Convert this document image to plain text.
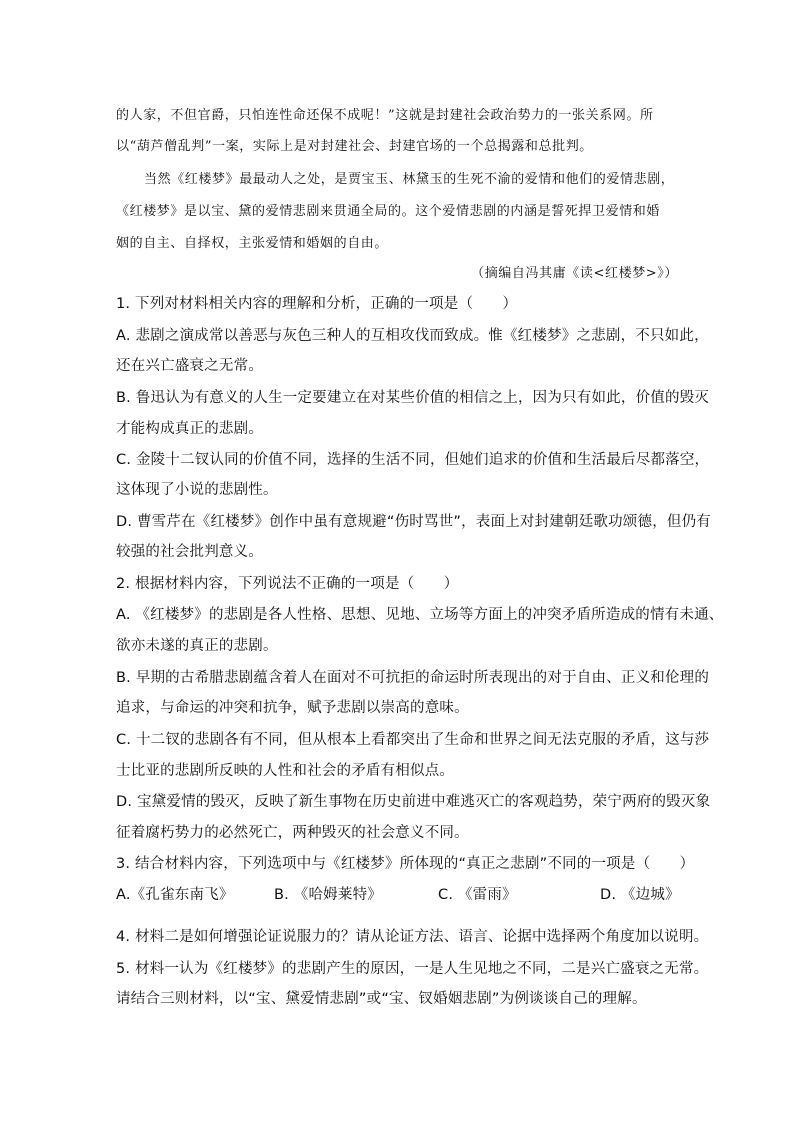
的人家，不但官爵，只怕连性命还保不成呢！”这就是封建社会政治势力的一张关系网。所
以“葫芦僧乱判”一案，实际上是对封建社会、封建官场的一个总揭露和总批判。
当然《红楼梦》最最动人之处，是贾宝玉、林黛玉的生死不渝的爱情和他们的爱情悲剧，
《红楼梦》是以宝、黛的爱情悲剧来贯通全局的。这个爱情悲剧的内涵是誓死捍卫爱情和婚
姻的自主、自择权，主张爱情和婚姻的自由。
（摘编自冯其庸《读<红楼梦>》）
1. 下列对材料相关内容的理解和分析，正确的一项是（　　）
A. 悲剧之演成常以善恶与灰色三种人的互相攻伐而致成。惟《红楼梦》之悲剧，不只如此，
还在兴亡盛衰之无常。
B. 鲁迅认为有意义的人生一定要建立在对某些价值的相信之上，因为只有如此，价值的毁灭
才能构成真正的悲剧。
C. 金陵十二钗认同的价值不同，选择的生活不同，但她们追求的价值和生活最后尽都落空，
这体现了小说的悲剧性。
D. 曹雪芹在《红楼梦》创作中虽有意规避“伤时骂世”，表面上对封建朝廷歌功颂德，但仍有
较强的社会批判意义。
2. 根据材料内容，下列说法不正确的一项是（　　）
A. 《红楼梦》的悲剧是各人性格、思想、见地、立场等方面上的冲突矛盾所造成的情有未通、
欲亦未遂的真正的悲剧。
B. 早期的古希腊悲剧蕴含着人在面对不可抗拒的命运时所表现出的对于自由、正义和伦理的
追求，与命运的冲突和抗争，赋予悲剧以崇高的意味。
C. 十二钗的悲剧各有不同，但从根本上看都突出了生命和世界之间无法克服的矛盾，这与莎
士比亚的悲剧所反映的人性和社会的矛盾有相似点。
D. 宝黛爱情的毁灭，反映了新生事物在历史前进中难逃灭亡的客观趋势，荣宁两府的毁灭象
征着腐朽势力的必然死亡，两种毁灭的社会意义不同。
3. 结合材料内容，下列选项中与《红楼梦》所体现的“真正之悲剧”不同的一项是（　　）
A.《孔雀东南飞》	B. 《哈姆莱特》	C. 《雷雨》	D. 《边城》
4. 材料二是如何增强论证说服力的？请从论证方法、语言、论据中选择两个角度加以说明。
5. 材料一认为《红楼梦》的悲剧产生的原因，一是人生见地之不同，二是兴亡盛衰之无常。
请结合三则材料，以“宝、黛爱情悲剧”或“宝、钗婚姻悲剧”为例谈谈自己的理解。
